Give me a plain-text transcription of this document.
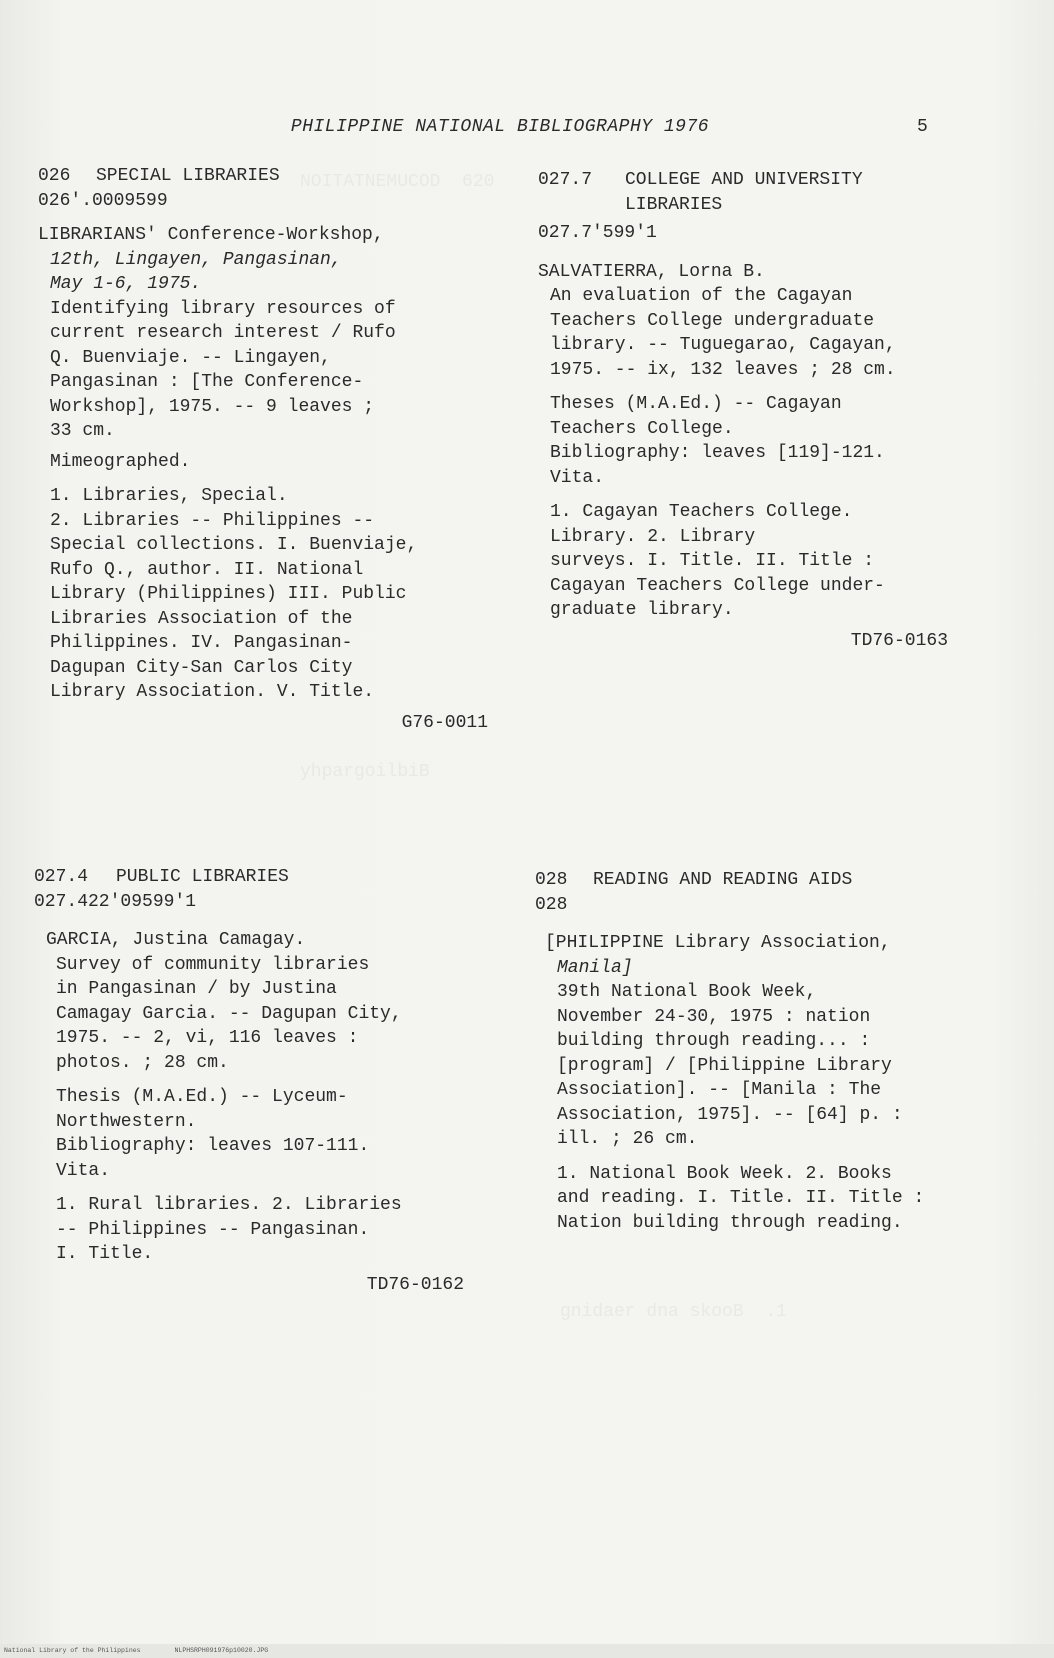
NOITATNEMUCOD  620
yhpargoilbiB
gnidaer dna skooB  .1
PHILIPPINE NATIONAL BIBLIOGRAPHY 1976	5
026 SPECIAL LIBRARIES
026'.0009599
LIBRARIANS' Conference-Workshop,
12th, Lingayen, Pangasinan,
May 1-6, 1975.
Identifying library resources of
current research interest / Rufo
Q. Buenviaje. -- Lingayen,
Pangasinan : [The Conference-
Workshop], 1975. -- 9 leaves ;
33 cm.
Mimeographed.
1. Libraries, Special.
2. Libraries -- Philippines --
Special collections. I. Buenviaje,
Rufo Q., author. II. National
Library (Philippines) III. Public
Libraries Association of the
Philippines. IV. Pangasinan-
Dagupan City-San Carlos City
Library Association. V. Title.
G76-0011
027.7 COLLEGE AND UNIVERSITY LIBRARIES
027.7'599'1
SALVATIERRA, Lorna B.
An evaluation of the Cagayan
Teachers College undergraduate
library. -- Tuguegarao, Cagayan,
1975. -- ix, 132 leaves ; 28 cm.
Theses (M.A.Ed.) -- Cagayan
Teachers College.
Bibliography: leaves [119]-121.
Vita.
1. Cagayan Teachers College.
Library. 2. Library
surveys. I. Title. II. Title :
Cagayan Teachers College under-
graduate library.
TD76-0163
027.4 PUBLIC LIBRARIES
027.422'09599'1
GARCIA, Justina Camagay.
Survey of community libraries
in Pangasinan / by Justina
Camagay Garcia. -- Dagupan City,
1975. -- 2, vi, 116 leaves :
photos. ; 28 cm.
Thesis (M.A.Ed.) -- Lyceum-
Northwestern.
Bibliography: leaves 107-111.
Vita.
1. Rural libraries. 2. Libraries
-- Philippines -- Pangasinan.
I. Title.
TD76-0162
028 READING AND READING AIDS
028
[PHILIPPINE Library Association,
Manila]
39th National Book Week,
November 24-30, 1975 : nation
building through reading... :
[program] / [Philippine Library
Association]. -- [Manila : The
Association, 1975]. -- [64] p. :
ill. ; 26 cm.
1. National Book Week. 2. Books
and reading. I. Title. II. Title :
Nation building through reading.
National Library of the Philippines	NLPHSRPH091976p10020.JPG
